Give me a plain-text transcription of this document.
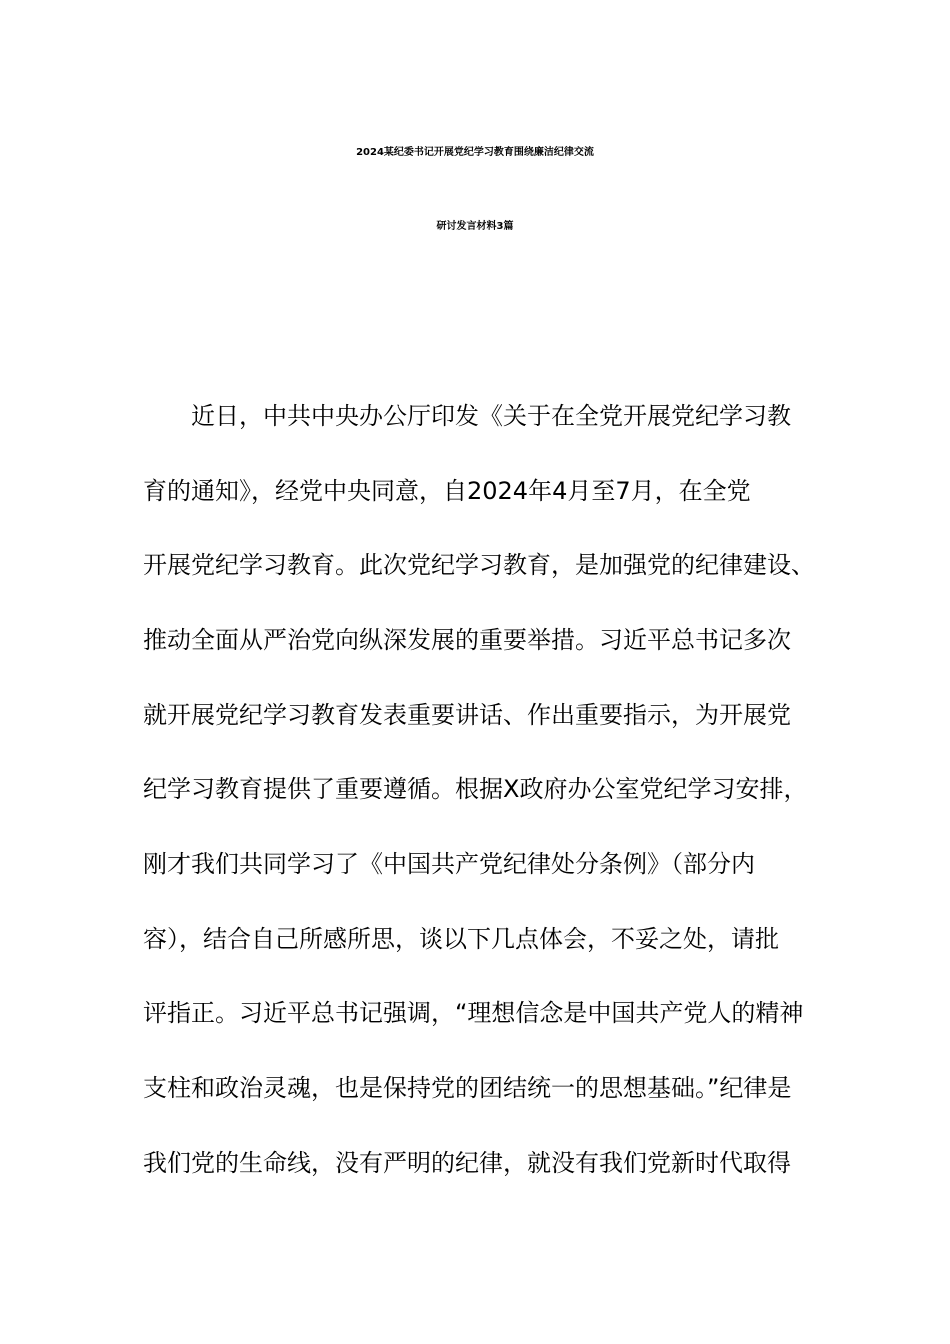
2024某纪委书记开展党纪学习教育围绕廉洁纪律交流
研讨发言材料3篇
近日，中共中央办公厅印发《关于在全党开展党纪学习教
育的通知》，经党中央同意，自2024年4月至7月，在全党
开展党纪学习教育。此次党纪学习教育，是加强党的纪律建设、
推动全面从严治党向纵深发展的重要举措。习近平总书记多次
就开展党纪学习教育发表重要讲话、作出重要指示，为开展党
纪学习教育提供了重要遵循。根据X政府办公室党纪学习安排，
刚才我们共同学习了《中国共产党纪律处分条例》（部分内
容），结合自己所感所思，谈以下几点体会，不妥之处，请批
评指正。习近平总书记强调，“理想信念是中国共产党人的精神
支柱和政治灵魂，也是保持党的团结统一的思想基础。”纪律是
我们党的生命线，没有严明的纪律，就没有我们党新时代取得
